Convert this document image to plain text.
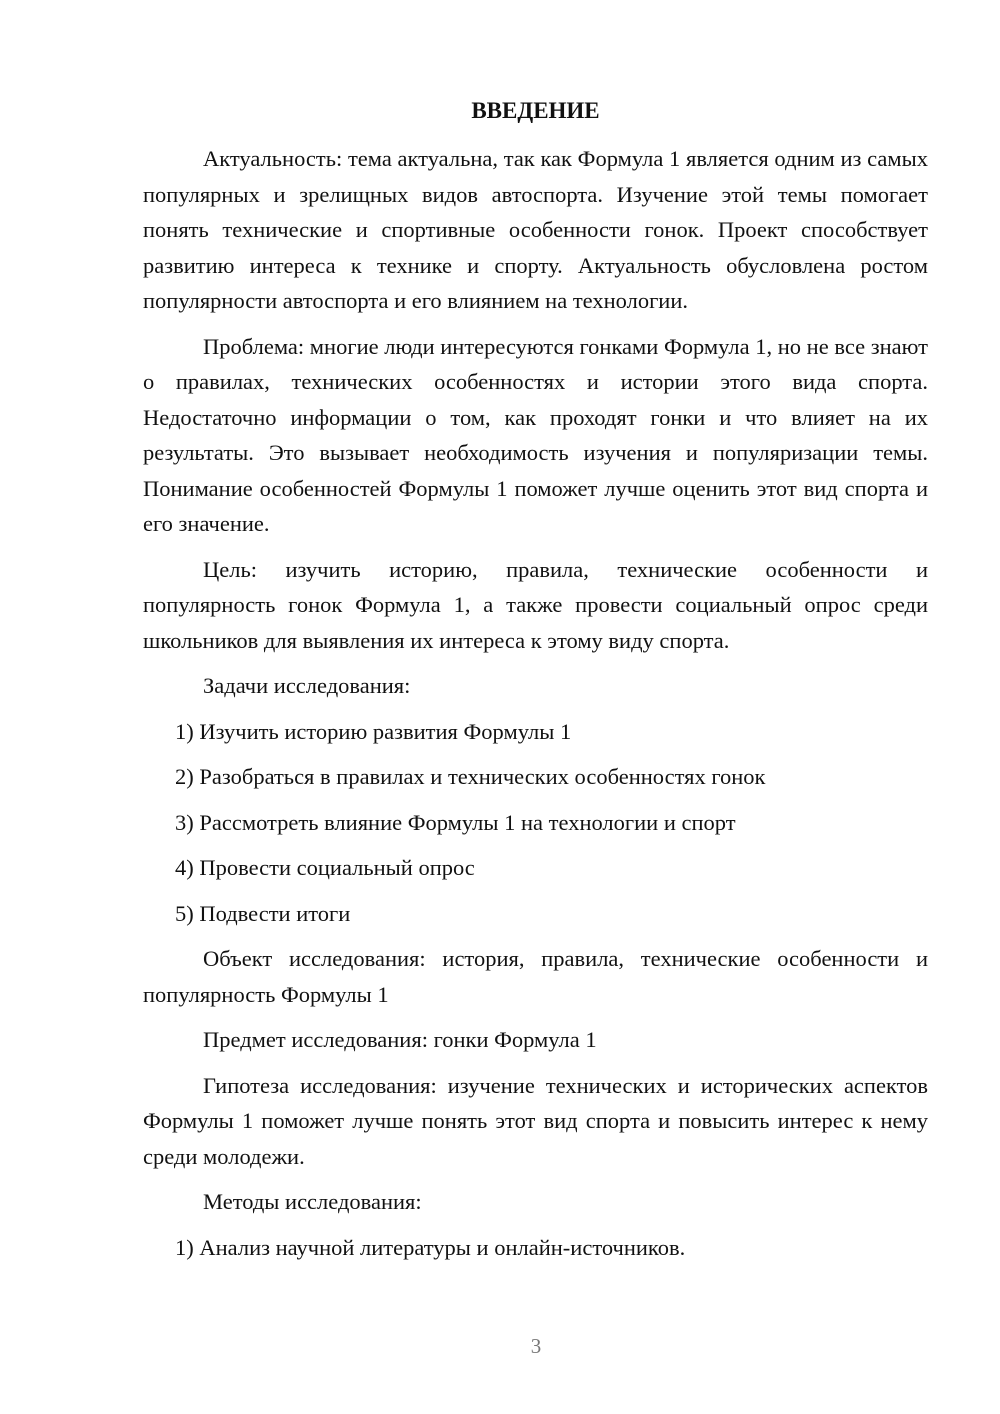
ВВЕДЕНИЕ

Актуальность: тема актуальна, так как Формула 1 является одним из самых популярных и зрелищных видов автоспорта. Изучение этой темы помогает понять технические и спортивные особенности гонок. Проект способствует развитию интереса к технике и спорту. Актуальность обусловлена ростом популярности автоспорта и его влиянием на технологии.

Проблема: многие люди интересуются гонками Формула 1, но не все знают о правилах, технических особенностях и истории этого вида спорта. Недостаточно информации о том, как проходят гонки и что влияет на их результаты. Это вызывает необходимость изучения и популяризации темы. Понимание особенностей Формулы 1 поможет лучше оценить этот вид спорта и его значение.

Цель: изучить историю, правила, технические особенности и популярность гонок Формула 1, а также провести социальный опрос среди школьников для выявления их интереса к этому виду спорта.

Задачи исследования:

1) Изучить историю развития Формулы 1

2) Разобраться в правилах и технических особенностях гонок

3) Рассмотреть влияние Формулы 1 на технологии и спорт

4) Провести социальный опрос

5) Подвести итоги

Объект исследования: история, правила, технические особенности и популярность Формулы 1

Предмет исследования: гонки Формула 1

Гипотеза исследования: изучение технических и исторических аспектов Формулы 1 поможет лучше понять этот вид спорта и повысить интерес к нему среди молодежи.

Методы исследования:

1) Анализ научной литературы и онлайн-источников.

3
